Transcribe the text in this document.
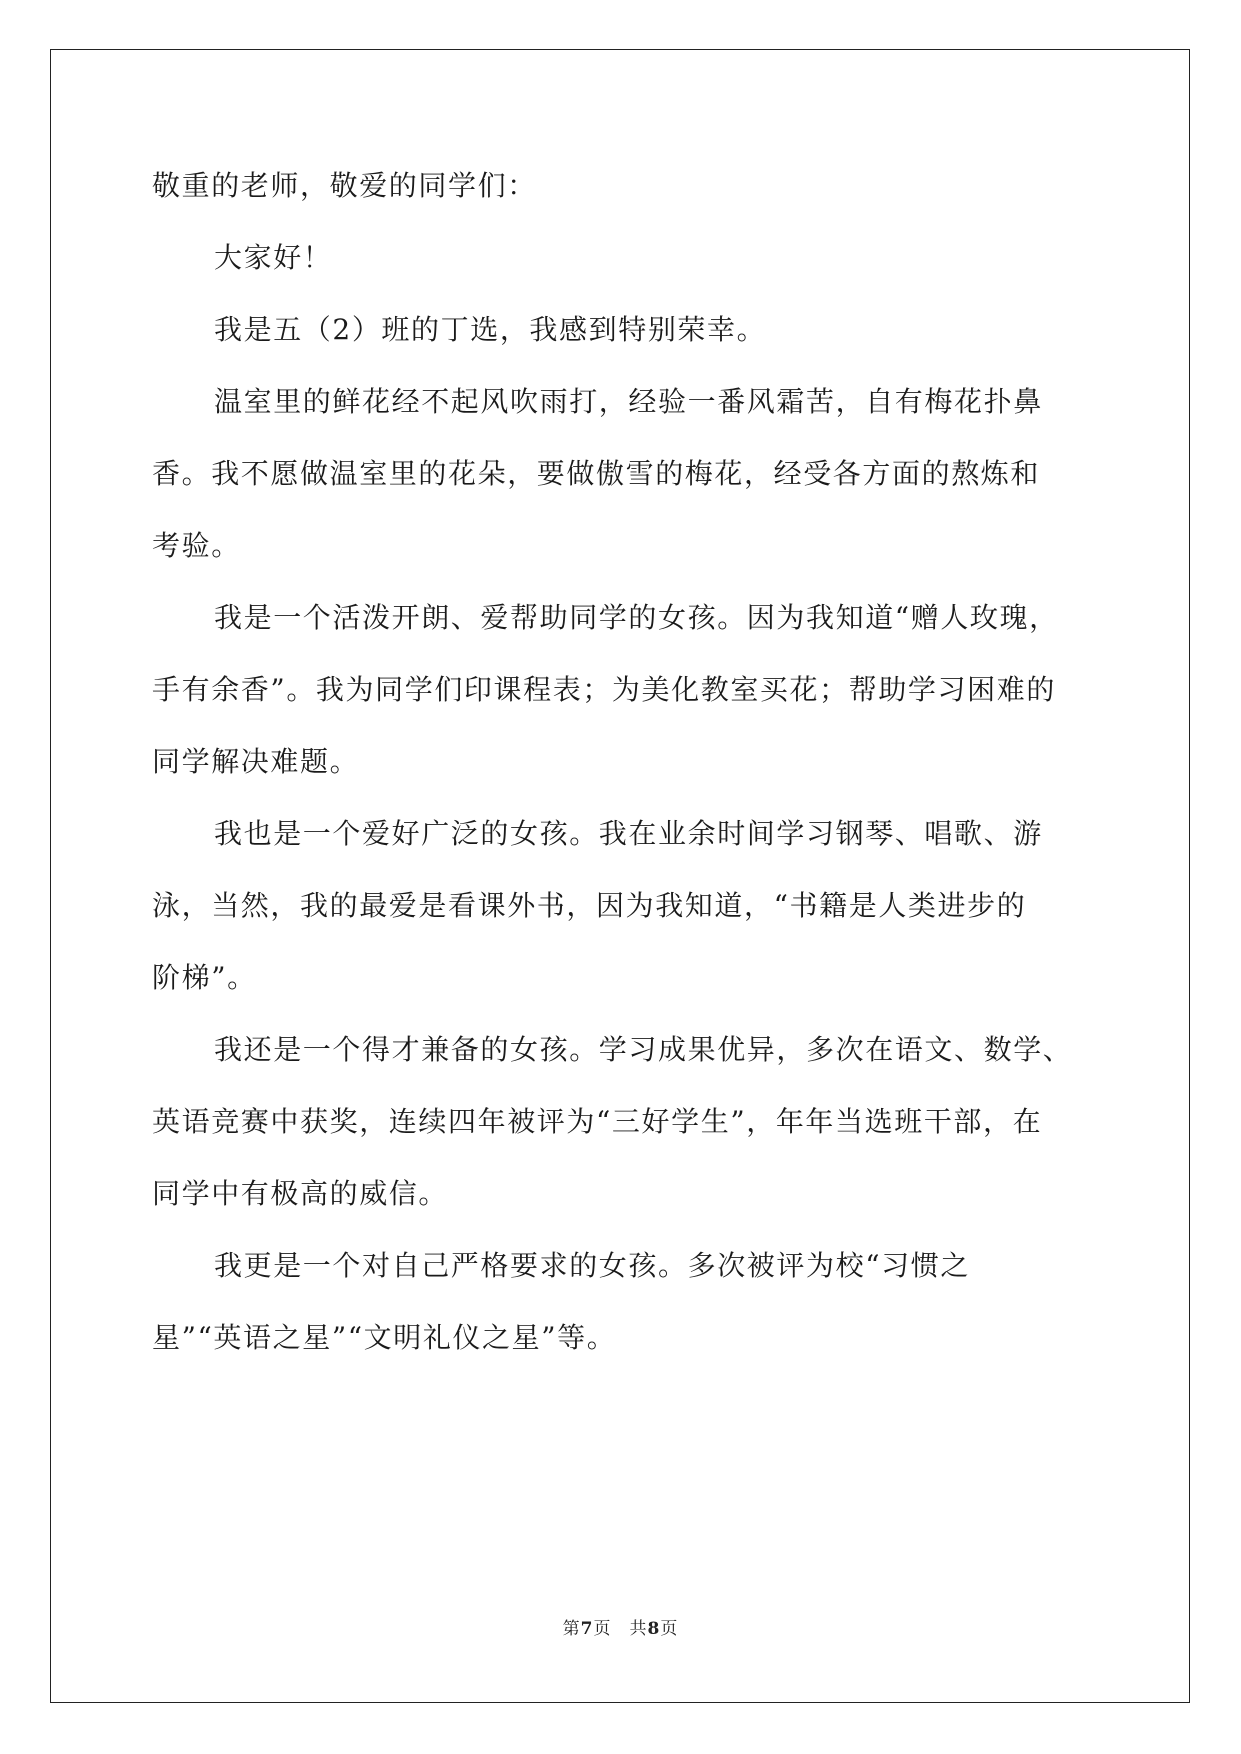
敬重的老师，敬爱的同学们：
大家好！
我是五（2）班的丁选，我感到特别荣幸。
温室里的鲜花经不起风吹雨打，经验一番风霜苦，自有梅花扑鼻
香。我不愿做温室里的花朵，要做傲雪的梅花，经受各方面的熬炼和
考验。
我是一个活泼开朗、爱帮助同学的女孩。因为我知道“赠人玫瑰，
手有余香”。我为同学们印课程表；为美化教室买花；帮助学习困难的
同学解决难题。
我也是一个爱好广泛的女孩。我在业余时间学习钢琴、唱歌、游
泳，当然，我的最爱是看课外书，因为我知道，“书籍是人类进步的
阶梯”。
我还是一个得才兼备的女孩。学习成果优异，多次在语文、数学、
英语竞赛中获奖，连续四年被评为“三好学生”，年年当选班干部，在
同学中有极高的威信。
我更是一个对自己严格要求的女孩。多次被评为校“习惯之
星”“英语之星”“文明礼仪之星”等。
第7页　共8页
